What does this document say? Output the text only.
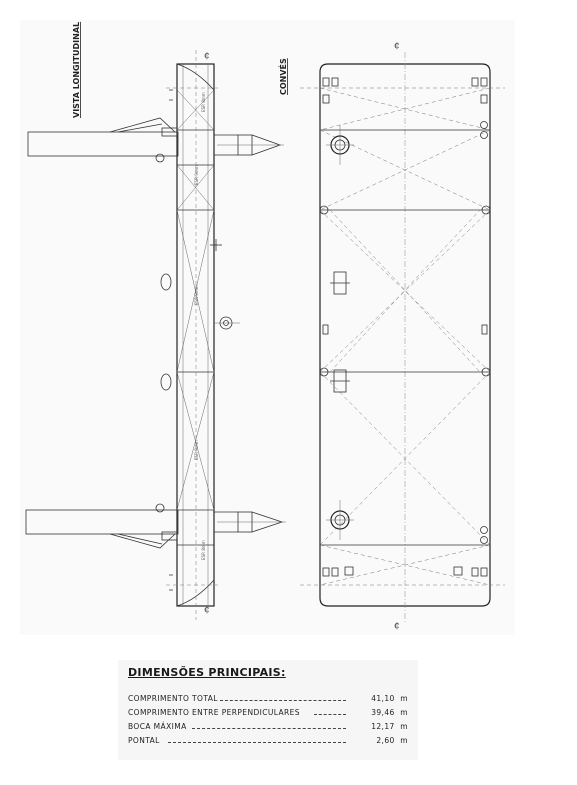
VISTA LONGITUDINAL	ESP. 8mm
ESP. 9mm
ESP. 9mm
ESP. 9mm
ESP. 8mm
¢
¢
CONVÉS
¢
¢
DIMENSÕES PRINCIPAIS:
COMPRIMENTO TOTAL	41,10 m
COMPRIMENTO ENTRE PERPENDICULARES	39,46 m
BOCA MÁXIMA	12,17 m
PONTAL	2,60 m
